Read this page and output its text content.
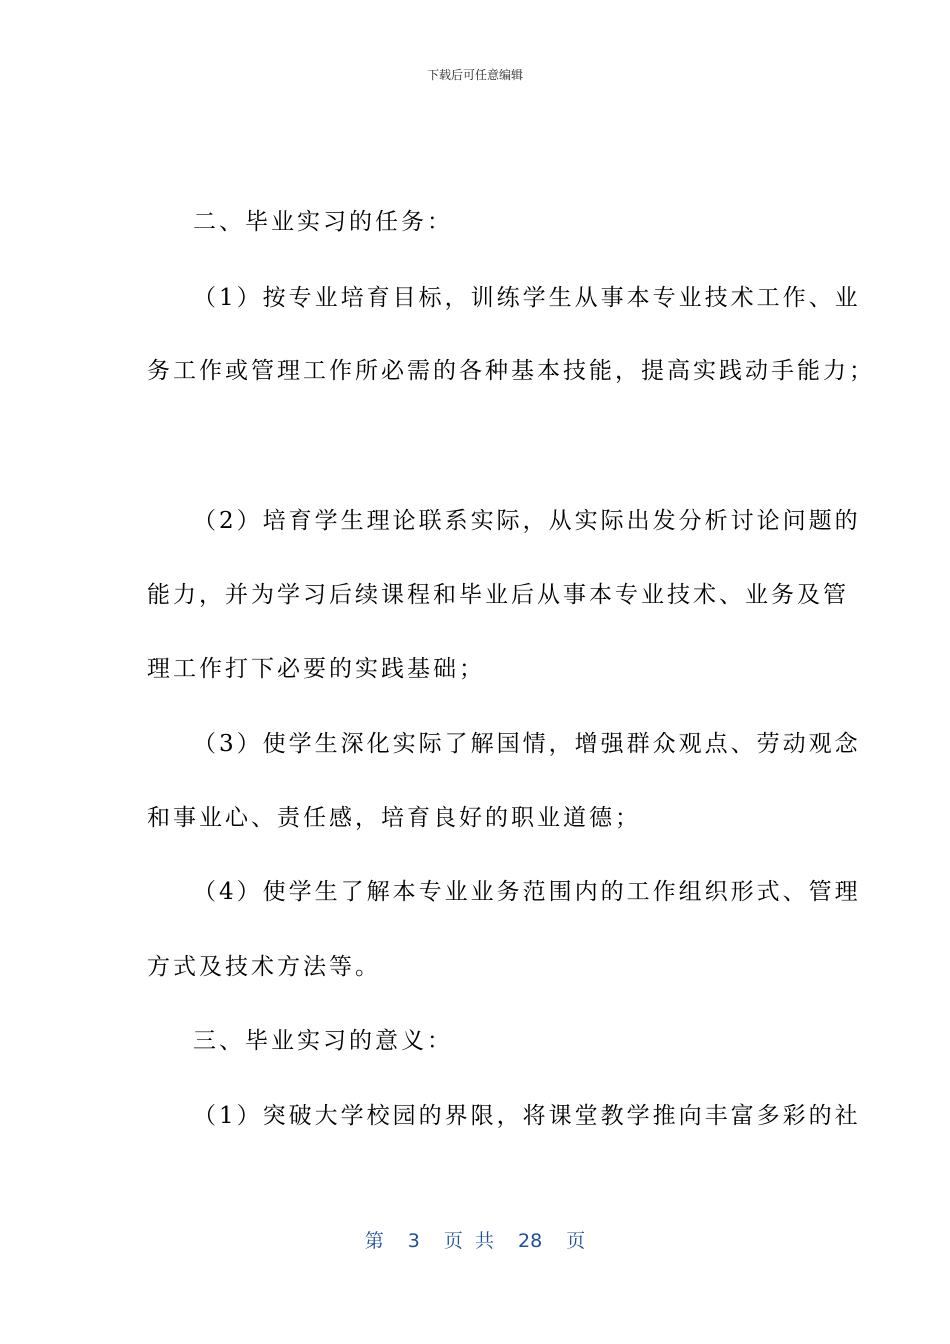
下载后可任意编辑
二、毕业实习的任务：
（1）按专业培育目标，训练学生从事本专业技术工作、业
务工作或管理工作所必需的各种基本技能，提高实践动手能力；
（2）培育学生理论联系实际，从实际出发分析讨论问题的
能力，并为学习后续课程和毕业后从事本专业技术、业务及管
理工作打下必要的实践基础；
（3）使学生深化实际了解国情，增强群众观点、劳动观念
和事业心、责任感，培育良好的职业道德；
（4）使学生了解本专业业务范围内的工作组织形式、管理
方式及技术方法等。
三、毕业实习的意义：
（1）突破大学校园的界限，将课堂教学推向丰富多彩的社
第 3 页 共 28 页
